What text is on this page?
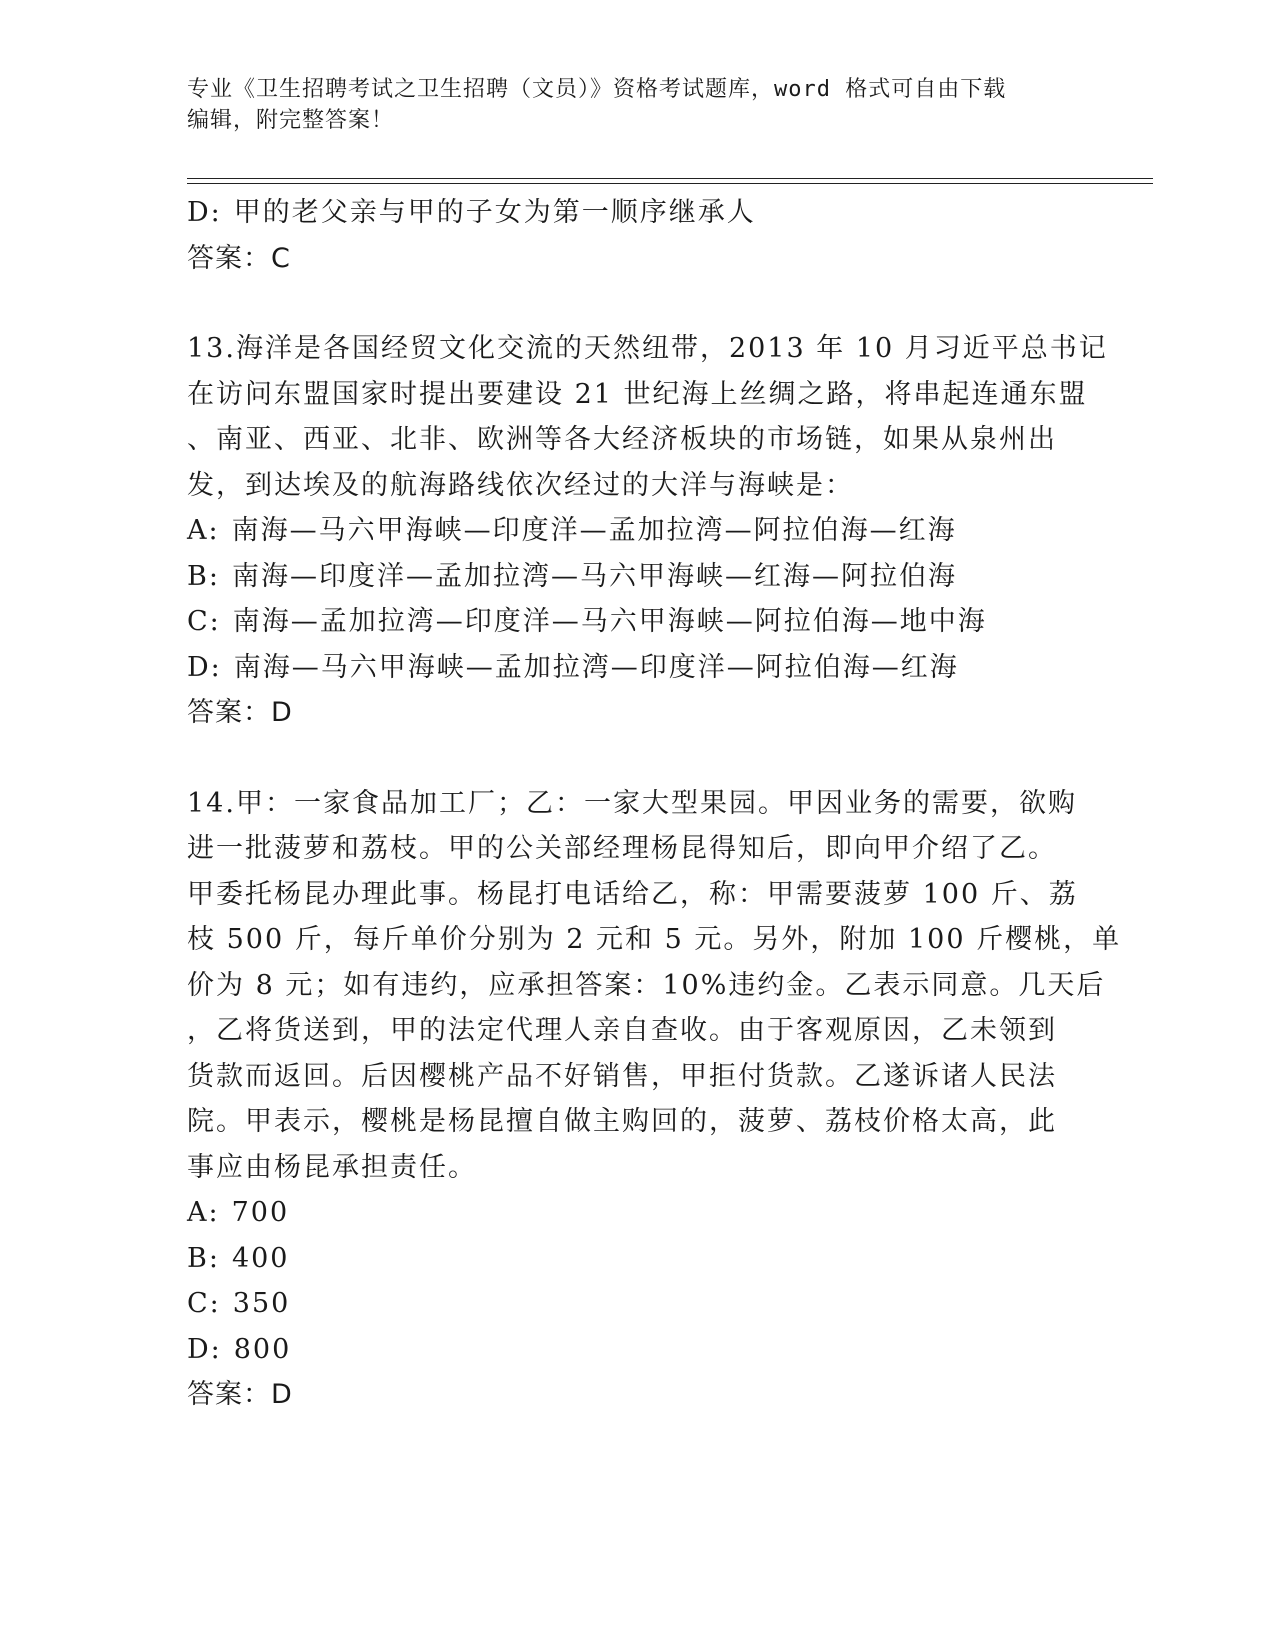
专业《卫生招聘考试之卫生招聘（文员）》资格考试题库，word 格式可自由下载
编辑，附完整答案！
D: 甲的老父亲与甲的子女为第一顺序继承人
答案：C
13.海洋是各国经贸文化交流的天然纽带，2013 年 10 月习近平总书记
在访问东盟国家时提出要建设 21 世纪海上丝绸之路，将串起连通东盟
、南亚、西亚、北非、欧洲等各大经济板块的市场链，如果从泉州出
发，到达埃及的航海路线依次经过的大洋与海峡是：
A: 南海—马六甲海峡—印度洋—孟加拉湾—阿拉伯海—红海
B: 南海—印度洋—孟加拉湾—马六甲海峡—红海—阿拉伯海
C: 南海—孟加拉湾—印度洋—马六甲海峡—阿拉伯海—地中海
D: 南海—马六甲海峡—孟加拉湾—印度洋—阿拉伯海—红海
答案：D
14.甲：一家食品加工厂；乙：一家大型果园。甲因业务的需要，欲购
进一批菠萝和荔枝。甲的公关部经理杨昆得知后，即向甲介绍了乙。
甲委托杨昆办理此事。杨昆打电话给乙，称：甲需要菠萝 100 斤、荔
枝 500 斤，每斤单价分别为 2 元和 5 元。另外，附加 100 斤樱桃，单
价为 8 元；如有违约，应承担答案：10%违约金。乙表示同意。几天后
，乙将货送到，甲的法定代理人亲自查收。由于客观原因，乙未领到
货款而返回。后因樱桃产品不好销售，甲拒付货款。乙遂诉诸人民法
院。甲表示，樱桃是杨昆擅自做主购回的，菠萝、荔枝价格太高，此
事应由杨昆承担责任。
A: 700
B: 400
C: 350
D: 800
答案：D
